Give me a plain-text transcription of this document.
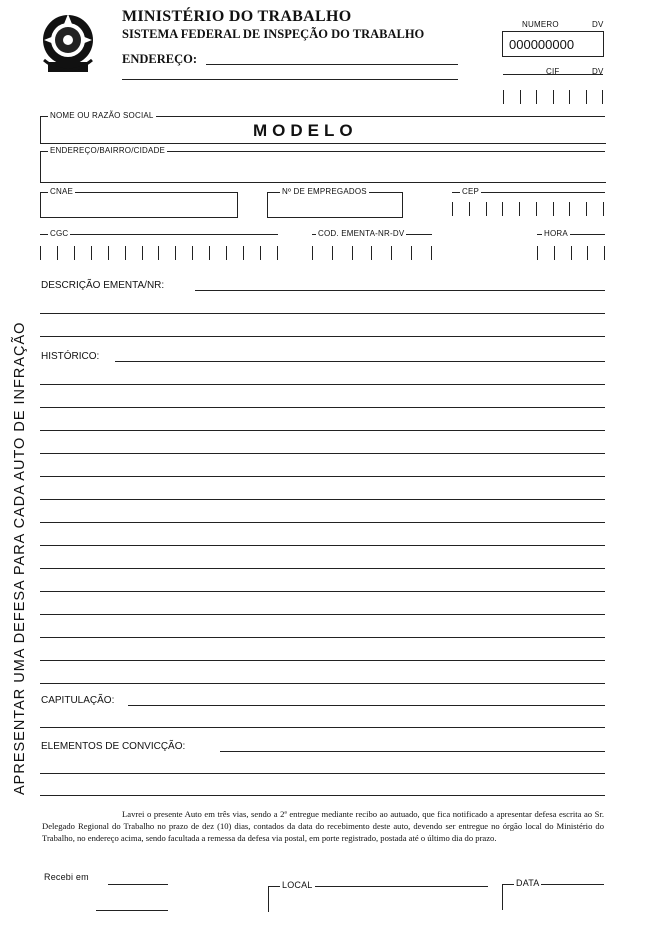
MINISTÉRIO DO TRABALHO
SISTEMA FEDERAL DE INSPEÇÃO DO TRABALHO
ENDEREÇO:
NUMERO	DV
000000000
CIF	DV
NOME OU RAZÃO SOCIAL
MODELO
ENDEREÇO/BAIRRO/CIDADE
CNAE	Nº DE EMPREGADOS	CEP
CGC	COD. EMENTA-NR-DV	HORA
DESCRIÇÃO EMENTA/NR:
HISTÓRICO:
CAPITULAÇÃO:
ELEMENTOS DE CONVICÇÃO:
APRESENTAR UMA DEFESA PARA CADA AUTO DE INFRAÇÃO
Lavrei o presente Auto em três vias, sendo a 2ª entregue mediante recibo ao autuado, que fica notificado a apresentar defesa escrita ao Sr. Delegado Regional do Trabalho no prazo de dez (10) dias, contados da data do recebimento deste auto, devendo ser entregue no órgão local do Ministério do Trabalho, no endereço acima, sendo facultada a remessa da defesa via postal, em porte registrado, postada até o último dia do prazo.
Recebi em
LOCAL	DATA
